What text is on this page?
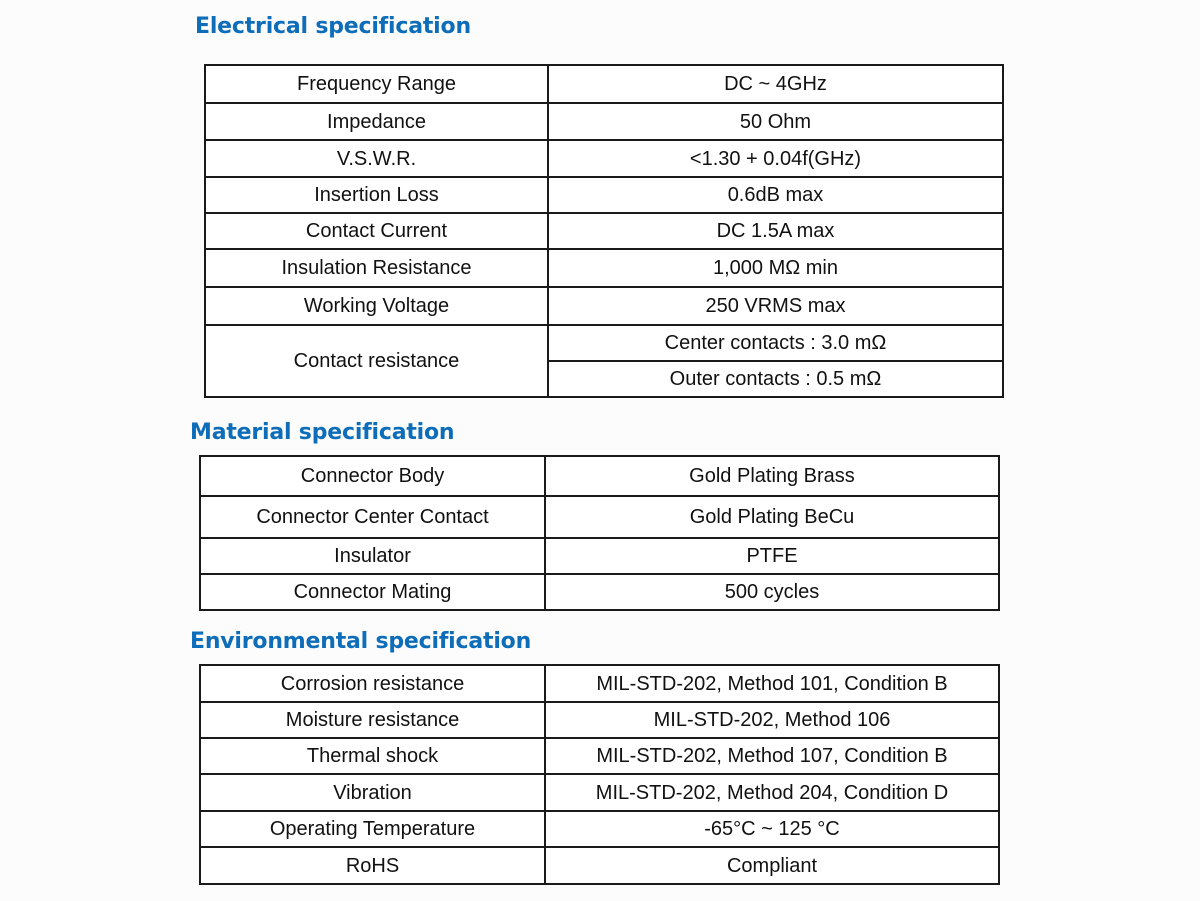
Electrical specification
Frequency Range	DC ~ 4GHz
Impedance	50 Ohm
V.S.W.R.	<1.30 + 0.04f(GHz)
Insertion Loss	0.6dB max
Contact Current	DC 1.5A max
Insulation Resistance	1,000 MΩ min
Working Voltage	250 VRMS max
Contact resistance	Center contacts : 3.0 mΩ
	Outer contacts : 0.5 mΩ
Material specification
Connector Body	Gold Plating Brass
Connector Center Contact	Gold Plating BeCu
Insulator	PTFE
Connector Mating	500 cycles
Environmental specification
Corrosion resistance	MIL-STD-202, Method 101, Condition B
Moisture resistance	MIL-STD-202, Method 106
Thermal shock	MIL-STD-202, Method 107, Condition B
Vibration	MIL-STD-202, Method 204, Condition D
Operating Temperature	-65°C ~ 125 °C
RoHS	Compliant
